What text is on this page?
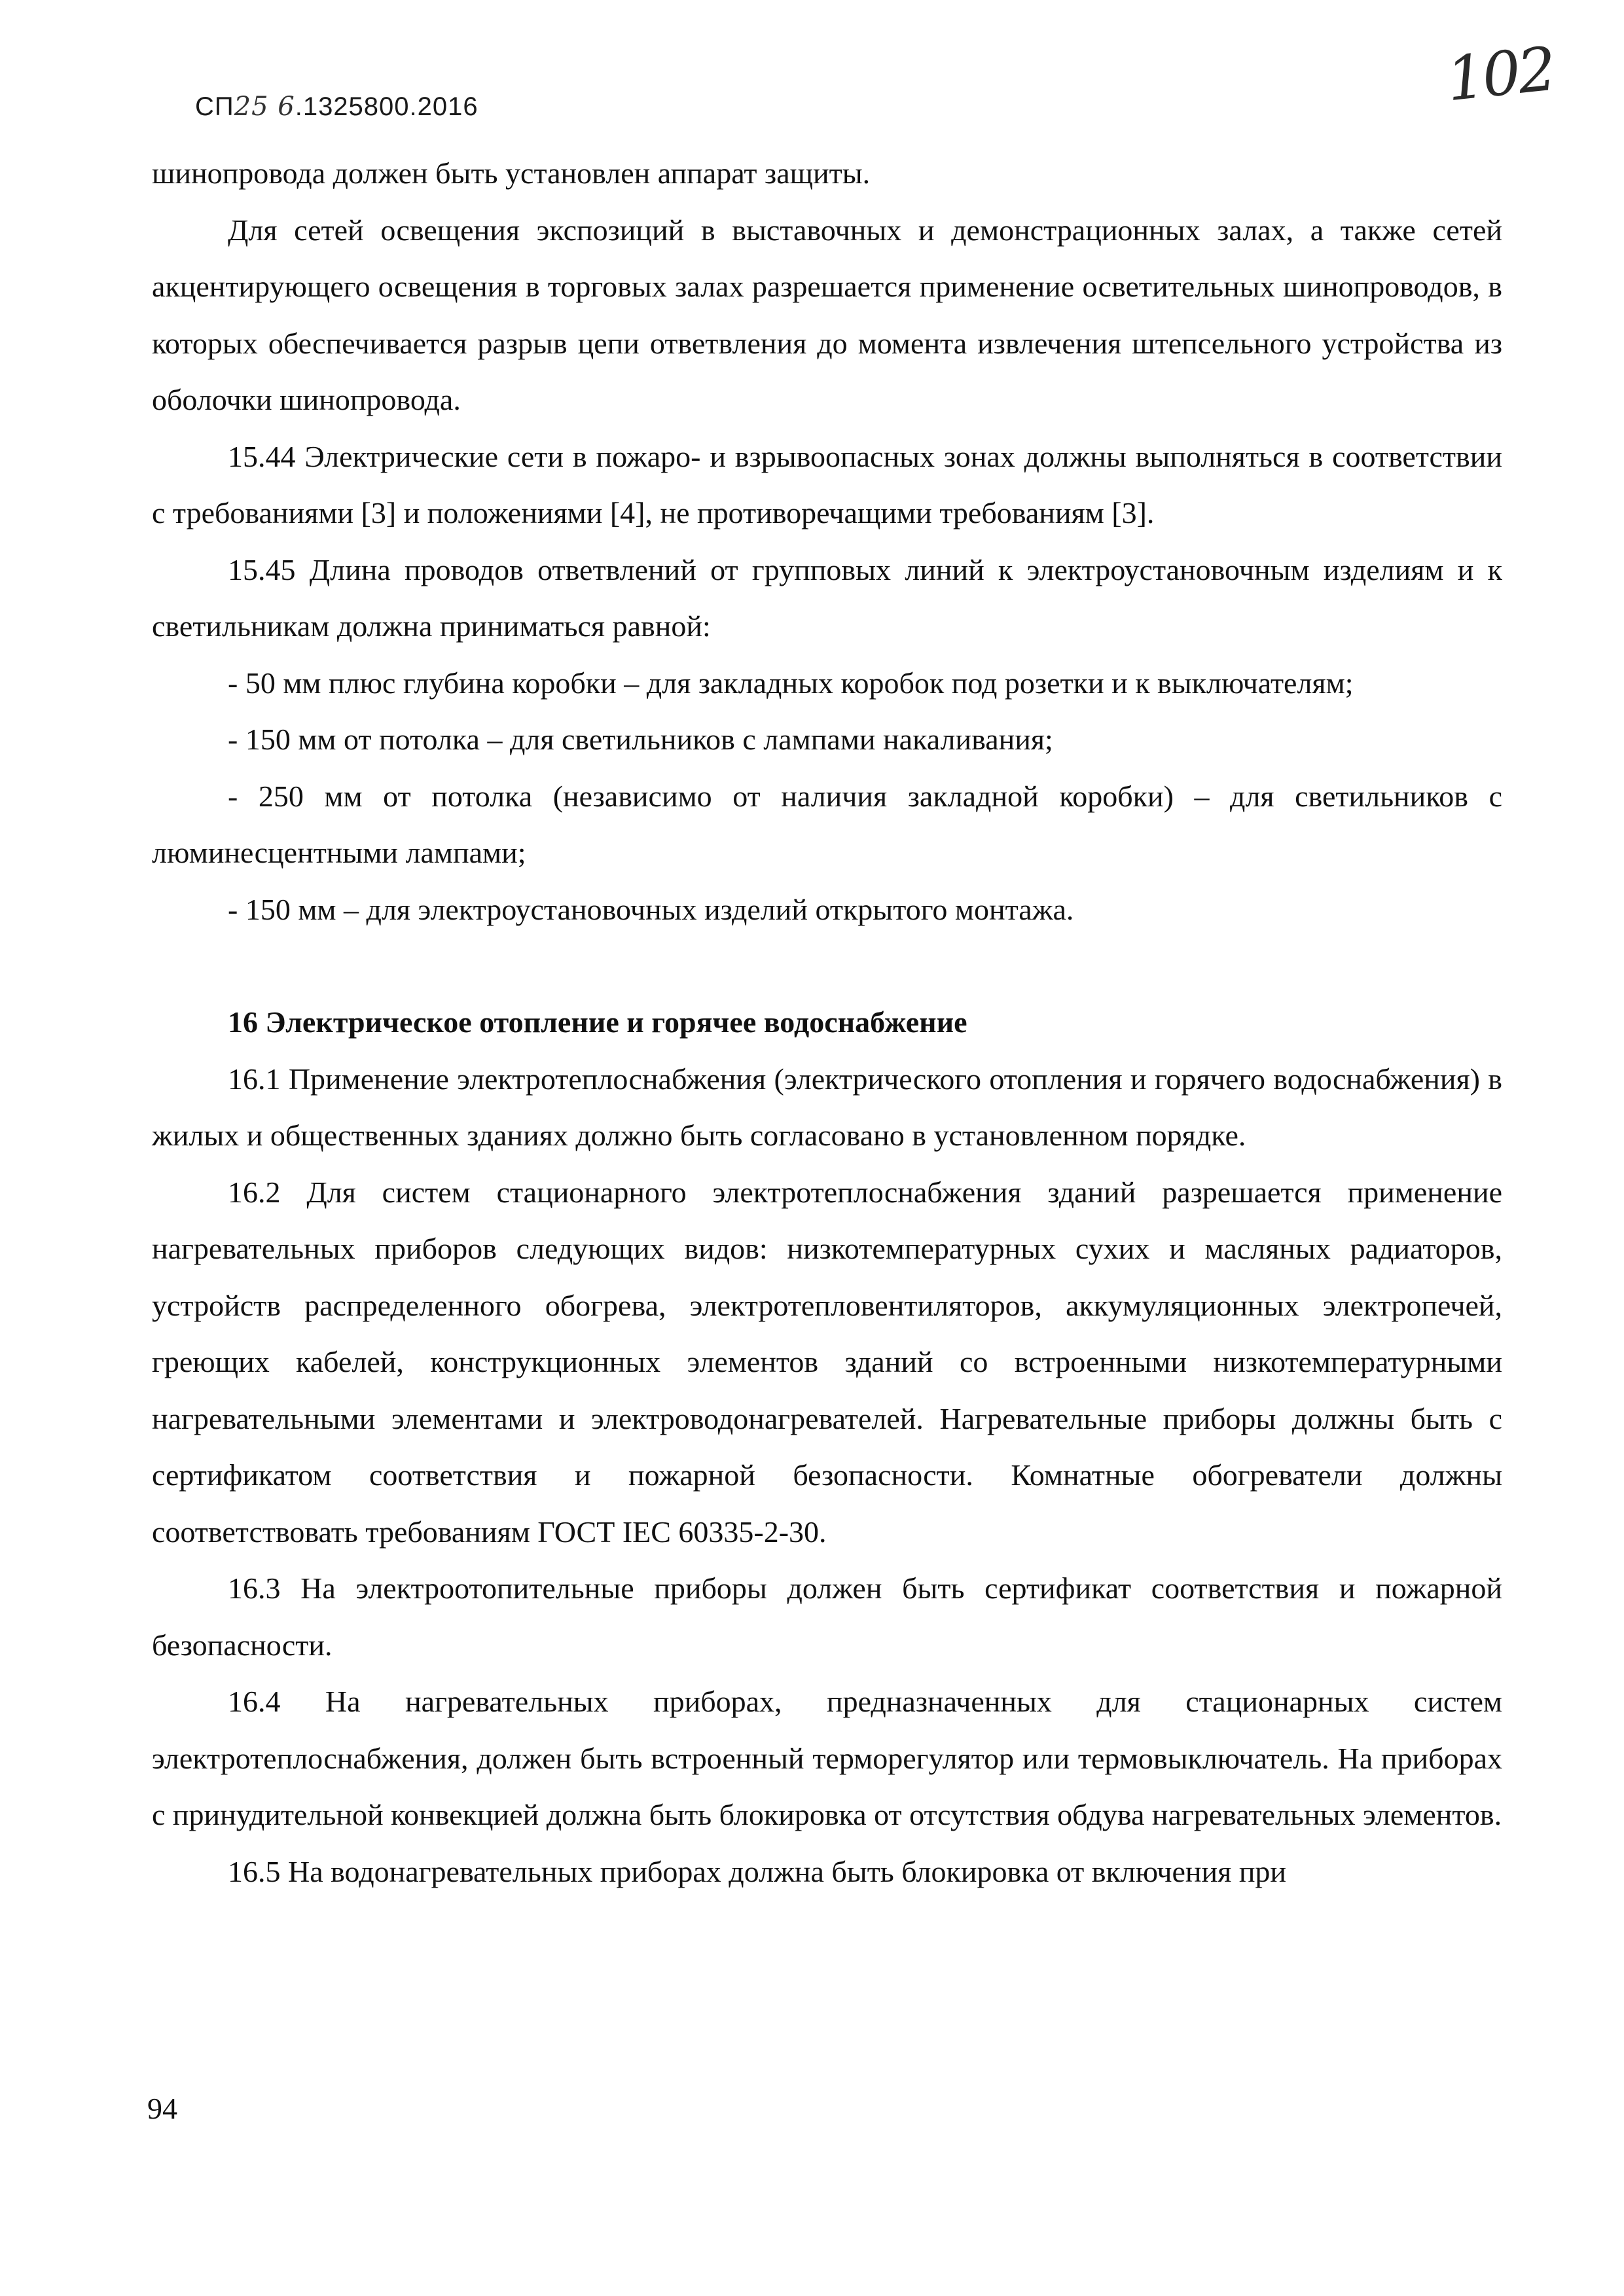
СП25 6.1325800.2016	102

шинопровода должен быть установлен аппарат защиты.

Для сетей освещения экспозиций в выставочных и демонстрационных залах, а также сетей акцентирующего освещения в торговых залах разрешается применение осветительных шинопроводов, в которых обеспечивается разрыв цепи ответвления до момента извлечения штепсельного устройства из оболочки шинопровода.

15.44 Электрические сети в пожаро- и взрывоопасных зонах должны выполняться в соответствии с требованиями [3] и положениями [4], не противоречащими требованиям [3].

15.45 Длина проводов ответвлений от групповых линий к электроустановочным изделиям и к светильникам должна приниматься равной:

- 50 мм плюс глубина коробки – для закладных коробок под розетки и к выключателям;

- 150 мм от потолка – для светильников с лампами накаливания;

- 250 мм от потолка (независимо от наличия закладной коробки) – для светильников с люминесцентными лампами;

- 150 мм – для электроустановочных изделий открытого монтажа.

16 Электрическое отопление и горячее водоснабжение

16.1 Применение электротеплоснабжения (электрического отопления и горячего водоснабжения) в жилых и общественных зданиях должно быть согласовано в установленном порядке.

16.2 Для систем стационарного электротеплоснабжения зданий разрешается применение нагревательных приборов следующих видов: низкотемпературных сухих и масляных радиаторов, устройств распределенного обогрева, электротепловентиляторов, аккумуляционных электропечей, греющих кабелей, конструкционных элементов зданий со встроенными низкотемпературными нагревательными элементами и электроводонагревателей. Нагревательные приборы должны быть с сертификатом соответствия и пожарной безопасности. Комнатные обогреватели должны соответствовать требованиям ГОСТ IEC 60335-2-30.

16.3 На электроотопительные приборы должен быть сертификат соответствия и пожарной безопасности.

16.4 На нагревательных приборах, предназначенных для стационарных систем электротеплоснабжения, должен быть встроенный терморегулятор или термовыключатель. На приборах с принудительной конвекцией должна быть блокировка от отсутствия обдува нагревательных элементов.

16.5 На водонагревательных приборах должна быть блокировка от включения при

94
